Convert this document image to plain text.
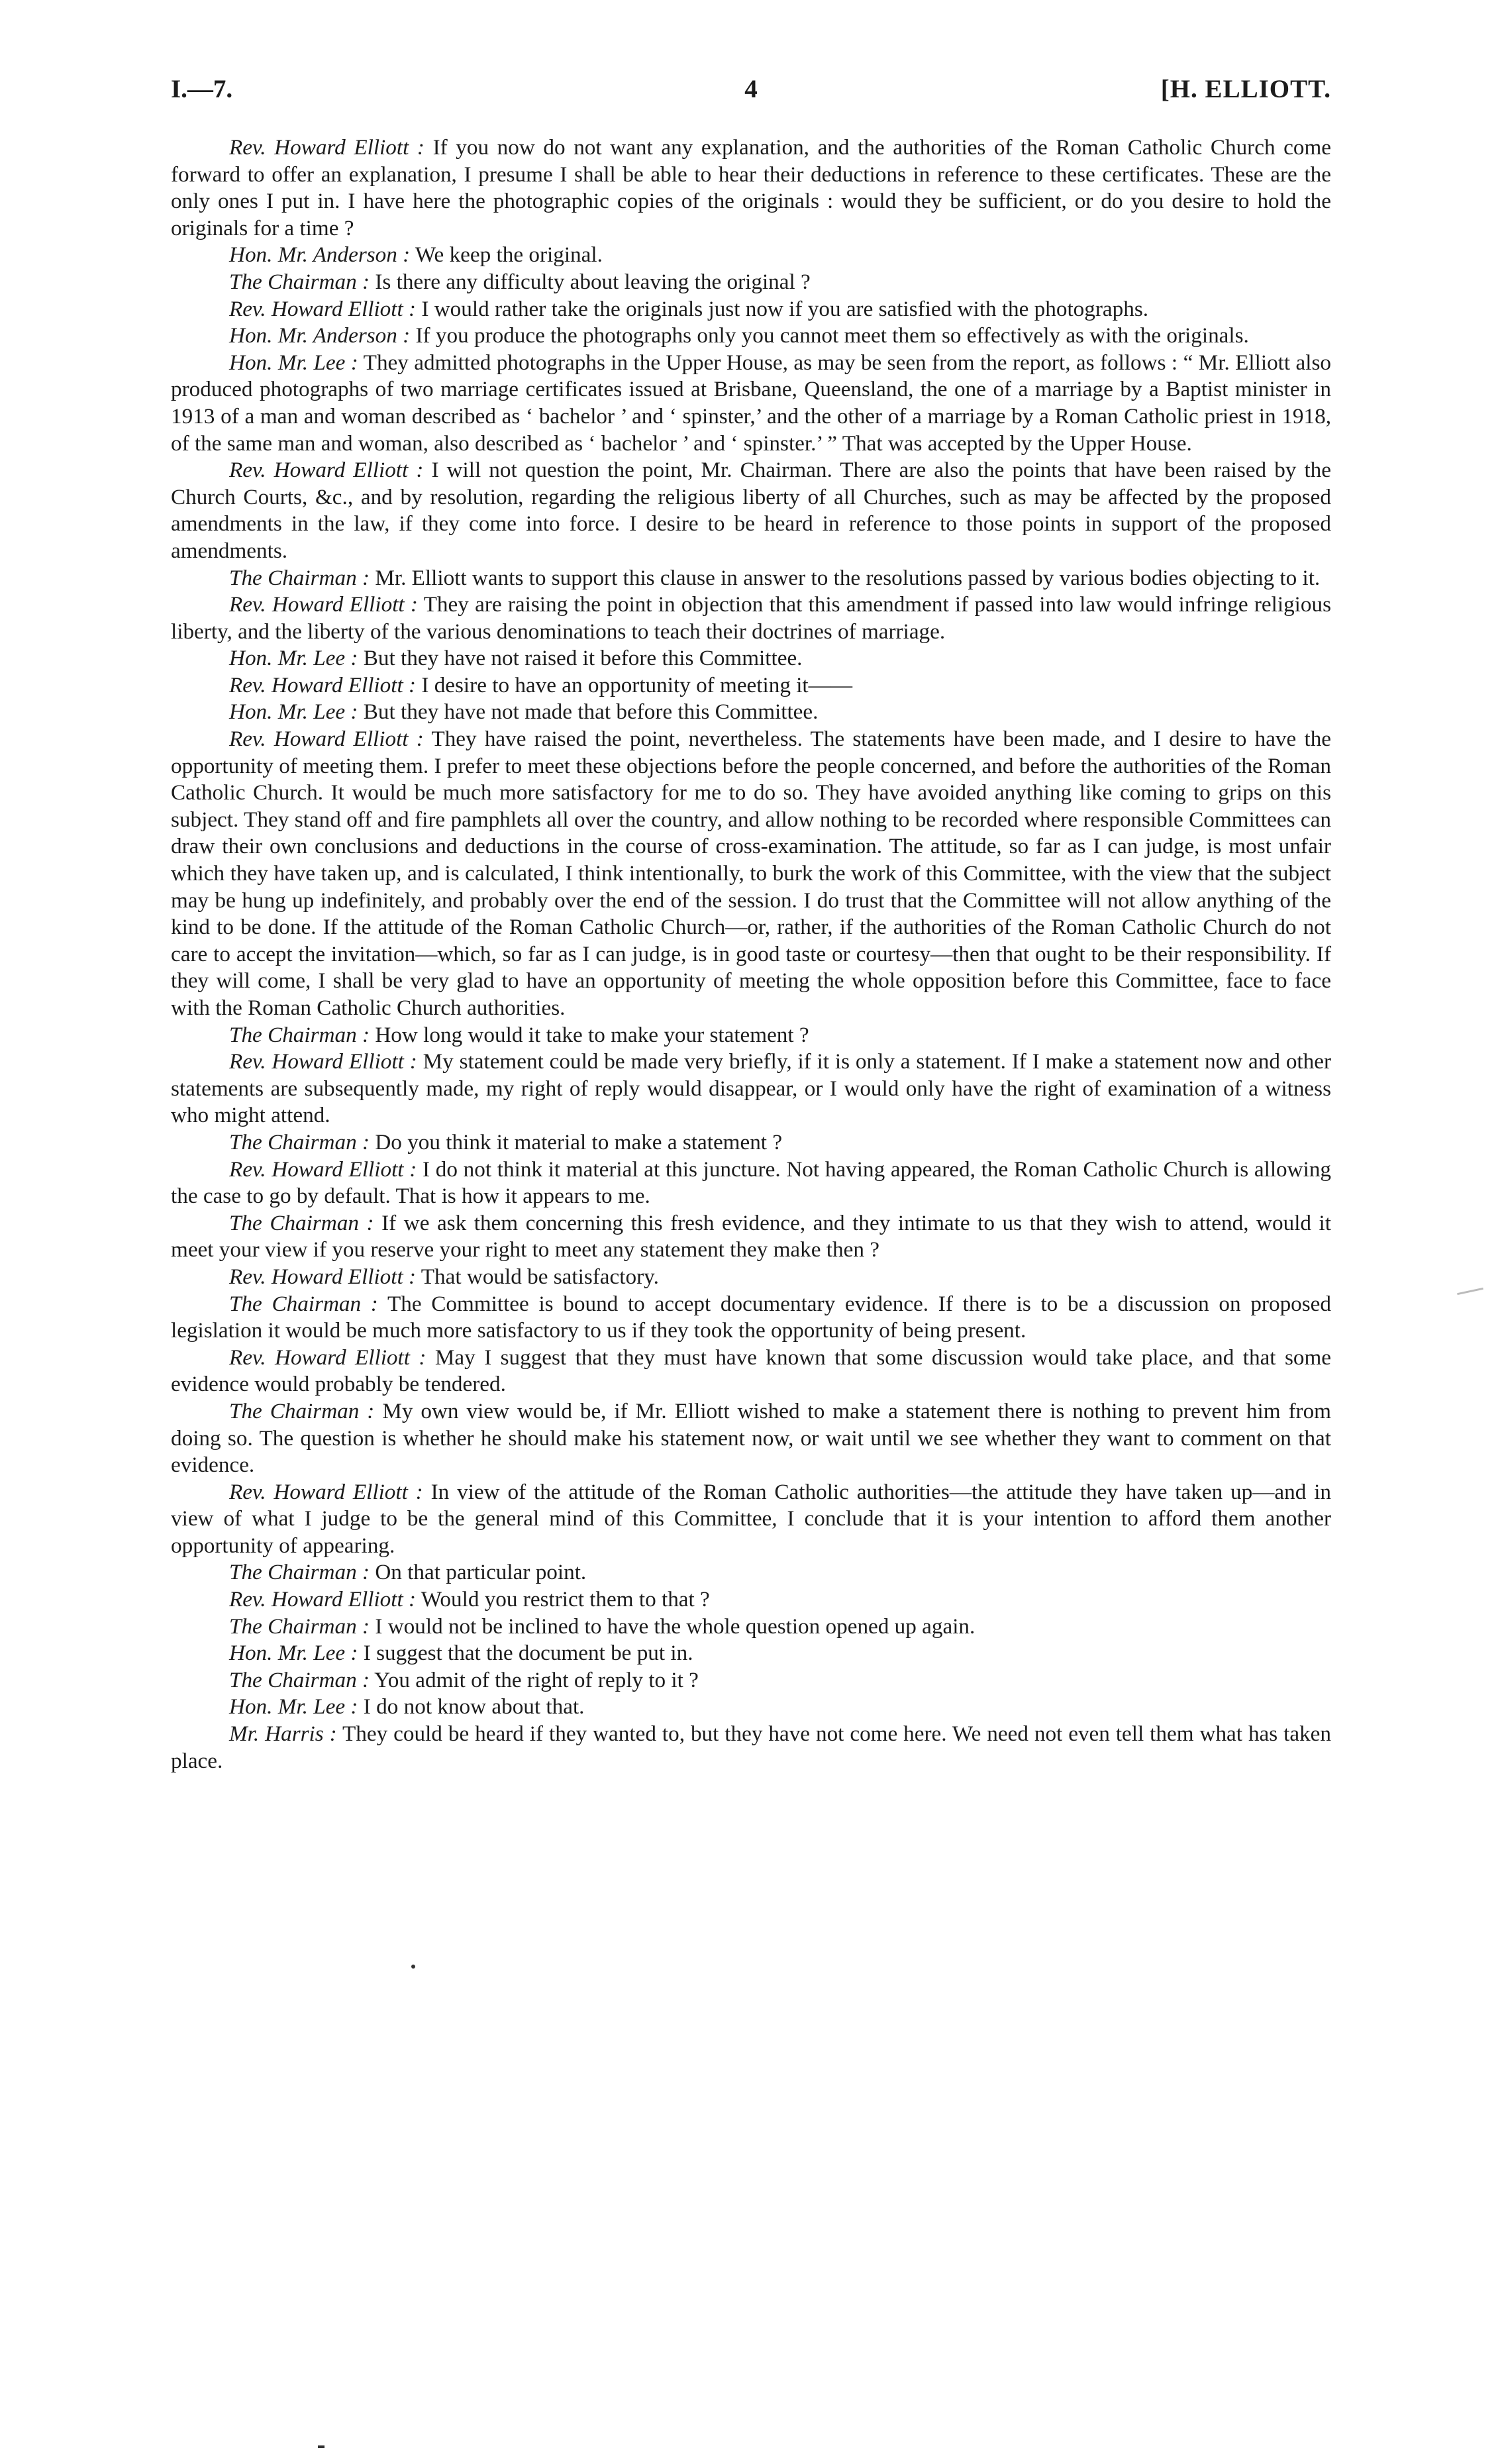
I.—7.	4	[H. ELLIOTT.

Rev. Howard Elliott : If you now do not want any explanation, and the authorities of the Roman Catholic Church come forward to offer an explanation, I presume I shall be able to hear their deductions in reference to these certificates. These are the only ones I put in. I have here the photographic copies of the originals : would they be sufficient, or do you desire to hold the originals for a time ?

Hon. Mr. Anderson : We keep the original.

The Chairman : Is there any difficulty about leaving the original ?

Rev. Howard Elliott : I would rather take the originals just now if you are satisfied with the photographs.

Hon. Mr. Anderson : If you produce the photographs only you cannot meet them so effectively as with the originals.

Hon. Mr. Lee : They admitted photographs in the Upper House, as may be seen from the report, as follows : “ Mr. Elliott also produced photographs of two marriage certificates issued at Brisbane, Queensland, the one of a marriage by a Baptist minister in 1913 of a man and woman described as ‘ bachelor ’ and ‘ spinster,’ and the other of a marriage by a Roman Catholic priest in 1918, of the same man and woman, also described as ‘ bachelor ’ and ‘ spinster.’ ” That was accepted by the Upper House.

Rev. Howard Elliott : I will not question the point, Mr. Chairman. There are also the points that have been raised by the Church Courts, &c., and by resolution, regarding the religious liberty of all Churches, such as may be affected by the proposed amendments in the law, if they come into force. I desire to be heard in reference to those points in support of the proposed amendments.

The Chairman : Mr. Elliott wants to support this clause in answer to the resolutions passed by various bodies objecting to it.

Rev. Howard Elliott : They are raising the point in objection that this amendment if passed into law would infringe religious liberty, and the liberty of the various denominations to teach their doctrines of marriage.

Hon. Mr. Lee : But they have not raised it before this Committee.

Rev. Howard Elliott : I desire to have an opportunity of meeting it——

Hon. Mr. Lee : But they have not made that before this Committee.

Rev. Howard Elliott : They have raised the point, nevertheless. The statements have been made, and I desire to have the opportunity of meeting them. I prefer to meet these objections before the people concerned, and before the authorities of the Roman Catholic Church. It would be much more satisfactory for me to do so. They have avoided anything like coming to grips on this subject. They stand off and fire pamphlets all over the country, and allow nothing to be recorded where responsible Committees can draw their own conclusions and deductions in the course of cross-examination. The attitude, so far as I can judge, is most unfair which they have taken up, and is calculated, I think intentionally, to burk the work of this Committee, with the view that the subject may be hung up indefinitely, and probably over the end of the session. I do trust that the Committee will not allow anything of the kind to be done. If the attitude of the Roman Catholic Church—or, rather, if the authorities of the Roman Catholic Church do not care to accept the invitation—which, so far as I can judge, is in good taste or courtesy—then that ought to be their responsibility. If they will come, I shall be very glad to have an opportunity of meeting the whole opposition before this Committee, face to face with the Roman Catholic Church authorities.

The Chairman : How long would it take to make your statement ?

Rev. Howard Elliott : My statement could be made very briefly, if it is only a statement. If I make a statement now and other statements are subsequently made, my right of reply would disappear, or I would only have the right of examination of a witness who might attend.

The Chairman : Do you think it material to make a statement ?

Rev. Howard Elliott : I do not think it material at this juncture. Not having appeared, the Roman Catholic Church is allowing the case to go by default. That is how it appears to me.

The Chairman : If we ask them concerning this fresh evidence, and they intimate to us that they wish to attend, would it meet your view if you reserve your right to meet any statement they make then ?

Rev. Howard Elliott : That would be satisfactory.

The Chairman : The Committee is bound to accept documentary evidence. If there is to be a discussion on proposed legislation it would be much more satisfactory to us if they took the opportunity of being present.

Rev. Howard Elliott : May I suggest that they must have known that some discussion would take place, and that some evidence would probably be tendered.

The Chairman : My own view would be, if Mr. Elliott wished to make a statement there is nothing to prevent him from doing so. The question is whether he should make his statement now, or wait until we see whether they want to comment on that evidence.

Rev. Howard Elliott : In view of the attitude of the Roman Catholic authorities—the attitude they have taken up—and in view of what I judge to be the general mind of this Committee, I conclude that it is your intention to afford them another opportunity of appearing.

The Chairman : On that particular point.

Rev. Howard Elliott : Would you restrict them to that ?

The Chairman : I would not be inclined to have the whole question opened up again.

Hon. Mr. Lee : I suggest that the document be put in.

The Chairman : You admit of the right of reply to it ?

Hon. Mr. Lee : I do not know about that.

Mr. Harris : They could be heard if they wanted to, but they have not come here. We need not even tell them what has taken place.
